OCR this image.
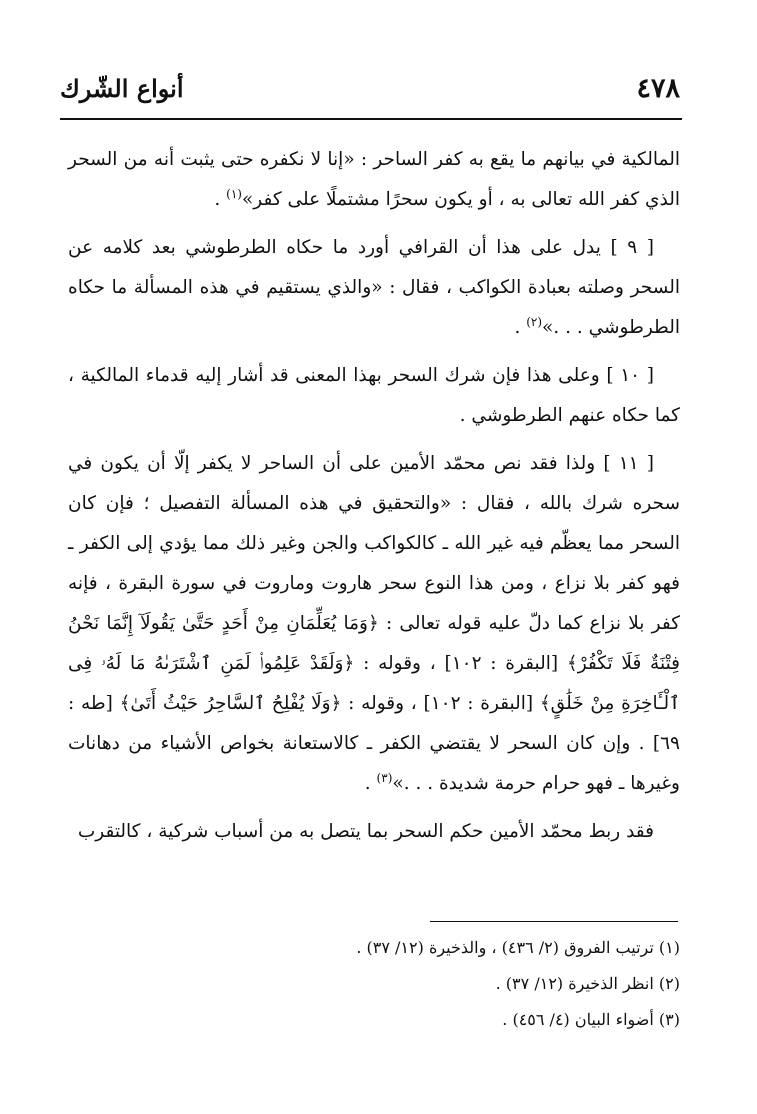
٤٧٨
أنواع الشّرك

المالكية في بيانهم ما يقع به كفر الساحر : «إنا لا نكفره حتى يثبت أنه من السحر الذي كفر الله تعالى به ، أو يكون سحرًا مشتملًا على كفر»$^{(١)}$ .

[ ٩ ] يدل على هذا أن القرافي أورد ما حكاه الطرطوشي بعد كلامه عن السحر وصلته بعبادة الكواكب ، فقال : «والذي يستقيم في هذه المسألة ما حكاه الطرطوشي . . .»$^{(٢)}$ .

[ ١٠ ] وعلى هذا فإن شرك السحر بهذا المعنى قد أشار إليه قدماء المالكية ، كما حكاه عنهم الطرطوشي .

[ ١١ ] ولذا فقد نص محمّد الأمين على أن الساحر لا يكفر إلّا أن يكون في سحره شرك بالله ، فقال : «والتحقيق في هذه المسألة التفصيل ؛ فإن كان السحر مما يعظّم فيه غير الله ـ كالكواكب والجن وغير ذلك مما يؤدي إلى الكفر ـ فهو كفر بلا نزاع ، ومن هذا النوع سحر هاروت وماروت في سورة البقرة ، فإنه كفر بلا نزاع كما دلّ عليه قوله تعالى : ﴿وَمَا يُعَلِّمَانِ مِنْ أَحَدٍ حَتَّىٰ يَقُولَآ إِنَّمَا نَحْنُ فِتْنَةٌ فَلَا تَكْفُرْ﴾ [البقرة : ١٠٢] ، وقوله : ﴿وَلَقَدْ عَلِمُوا۟ لَمَنِ ٱشْتَرَىٰهُ مَا لَهُۥ فِى ٱلْـَٔاخِرَةِ مِنْ خَلَٰقٍ﴾ [البقرة : ١٠٢] ، وقوله : ﴿وَلَا يُفْلِحُ ٱلسَّاحِرُ حَيْثُ أَتَىٰ﴾ [طه : ٦٩] . وإن كان السحر لا يقتضي الكفر ـ كالاستعانة بخواص الأشياء من دهانات وغيرها ـ فهو حرام حرمة شديدة . . .»$^{(٣)}$ .

فقد ربط محمّد الأمين حكم السحر بما يتصل به من أسباب شركية ، كالتقرب

(١) ترتيب الفروق (٢/ ٤٣٦) ، والذخيرة (١٢/ ٣٧) .

(٢) انظر الذخيرة (١٢/ ٣٧) .

(٣) أضواء البيان (٤/ ٤٥٦) .
